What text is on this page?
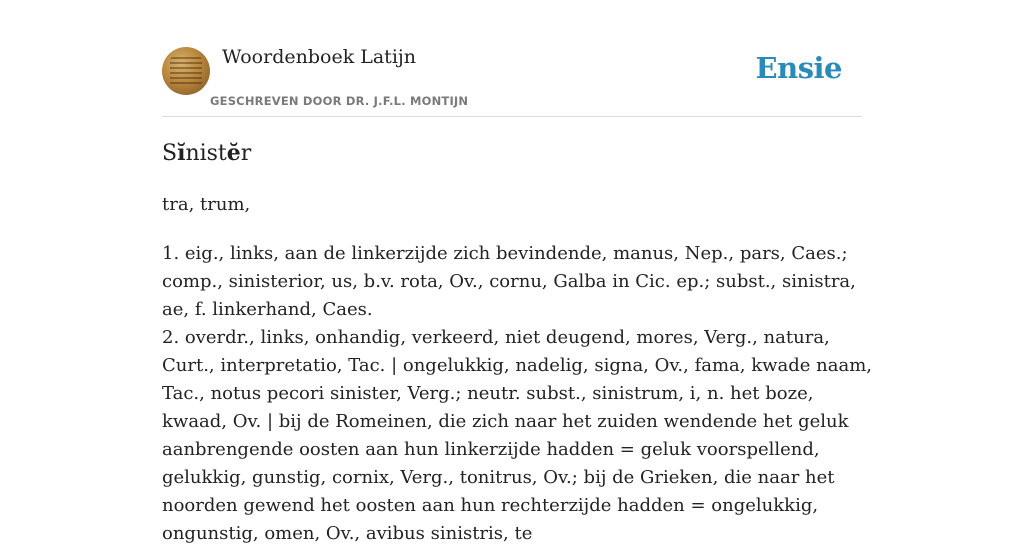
Woordenboek Latijn
GESCHREVEN DOOR DR. J.F.L. MONTIJN
Ensie
Sĭnistĕr
tra, trum,

1. eig., links, aan de linkerzijde zich bevindende, manus, Nep., pars, Caes.; comp., sinisterior, us, b.v. rota, Ov., cornu, Galba in Cic. ep.; subst., sinistra, ae, f. linkerhand, Caes.

2. overdr., links, onhandig, verkeerd, niet deugend, mores, Verg., natura, Curt., interpretatio, Tac. | ongelukkig, nadelig, signa, Ov., fama, kwade naam, Tac., notus pecori sinister, Verg.; neutr. subst., sinistrum, i, n. het boze, kwaad, Ov. | bij de Romeinen, die zich naar het zuiden wendende het geluk aanbrengende oosten aan hun linkerzijde hadden = geluk voorspellend, gelukkig, gunstig, cornix, Verg., tonitrus, Ov.; bij de Grieken, die naar het noorden gewend het oosten aan hun rechterzijde hadden = ongelukkig, ongunstig, omen, Ov., avibus sinistris, te
